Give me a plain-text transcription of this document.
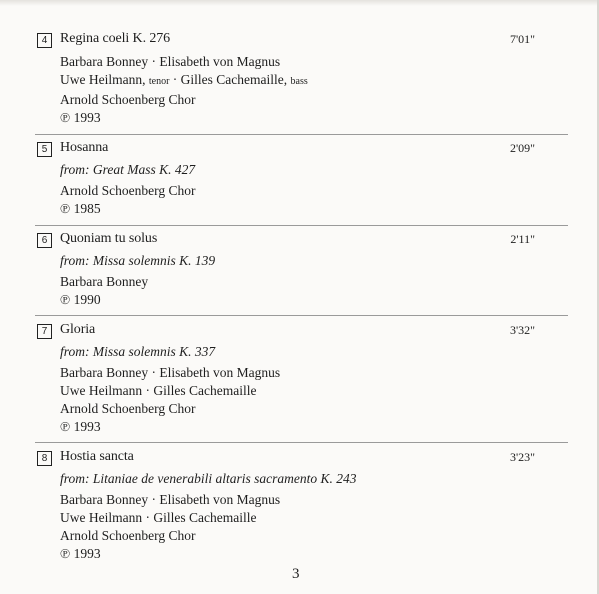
4 Regina coeli K. 276	7'01"
Barbara Bonney · Elisabeth von Magnus
Uwe Heilmann, tenor · Gilles Cachemaille, bass
Arnold Schoenberg Chor
℗ 1993
5 Hosanna	2'09"
from: Great Mass K. 427
Arnold Schoenberg Chor
℗ 1985
6 Quoniam tu solus	2'11"
from: Missa solemnis K. 139
Barbara Bonney
℗ 1990
7 Gloria	3'32"
from: Missa solemnis K. 337
Barbara Bonney · Elisabeth von Magnus
Uwe Heilmann · Gilles Cachemaille
Arnold Schoenberg Chor
℗ 1993
8 Hostia sancta	3'23"
from: Litaniae de venerabili altaris sacramento K. 243
Barbara Bonney · Elisabeth von Magnus
Uwe Heilmann · Gilles Cachemaille
Arnold Schoenberg Chor
℗ 1993
3
